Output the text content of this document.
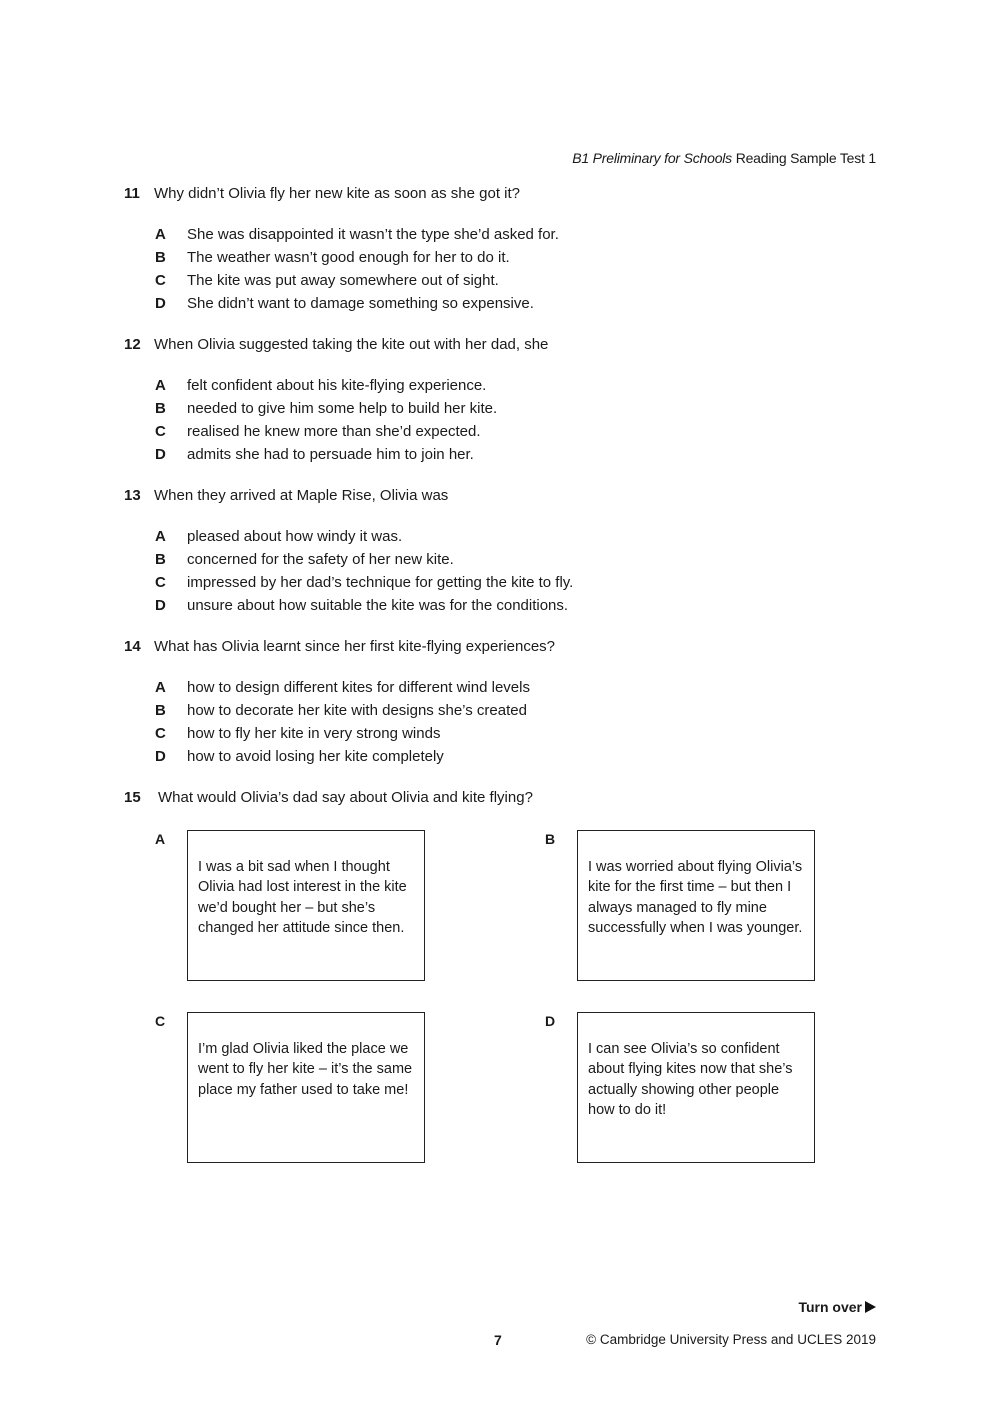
B1 Preliminary for Schools Reading Sample Test 1
11 Why didn’t Olivia fly her new kite as soon as she got it?
A She was disappointed it wasn’t the type she’d asked for.
B The weather wasn’t good enough for her to do it.
C The kite was put away somewhere out of sight.
D She didn’t want to damage something so expensive.
12 When Olivia suggested taking the kite out with her dad, she
A felt confident about his kite-flying experience.
B needed to give him some help to build her kite.
C realised he knew more than she’d expected.
D admits she had to persuade him to join her.
13 When they arrived at Maple Rise, Olivia was
A pleased about how windy it was.
B concerned for the safety of her new kite.
C impressed by her dad’s technique for getting the kite to fly.
D unsure about how suitable the kite was for the conditions.
14 What has Olivia learnt since her first kite-flying experiences?
A how to design different kites for different wind levels
B how to decorate her kite with designs she’s created
C how to fly her kite in very strong winds
D how to avoid losing her kite completely
15 What would Olivia’s dad say about Olivia and kite flying?
A
I was a bit sad when I thought Olivia had lost interest in the kite we’d bought her – but she’s changed her attitude since then.
B
I was worried about flying Olivia’s kite for the first time – but then I always managed to fly mine successfully when I was younger.
C
I’m glad Olivia liked the place we went to fly her kite – it’s the same place my father used to take me!
D
I can see Olivia’s so confident about flying kites now that she’s actually showing other people how to do it!
Turn over
7	© Cambridge University Press and UCLES 2019
